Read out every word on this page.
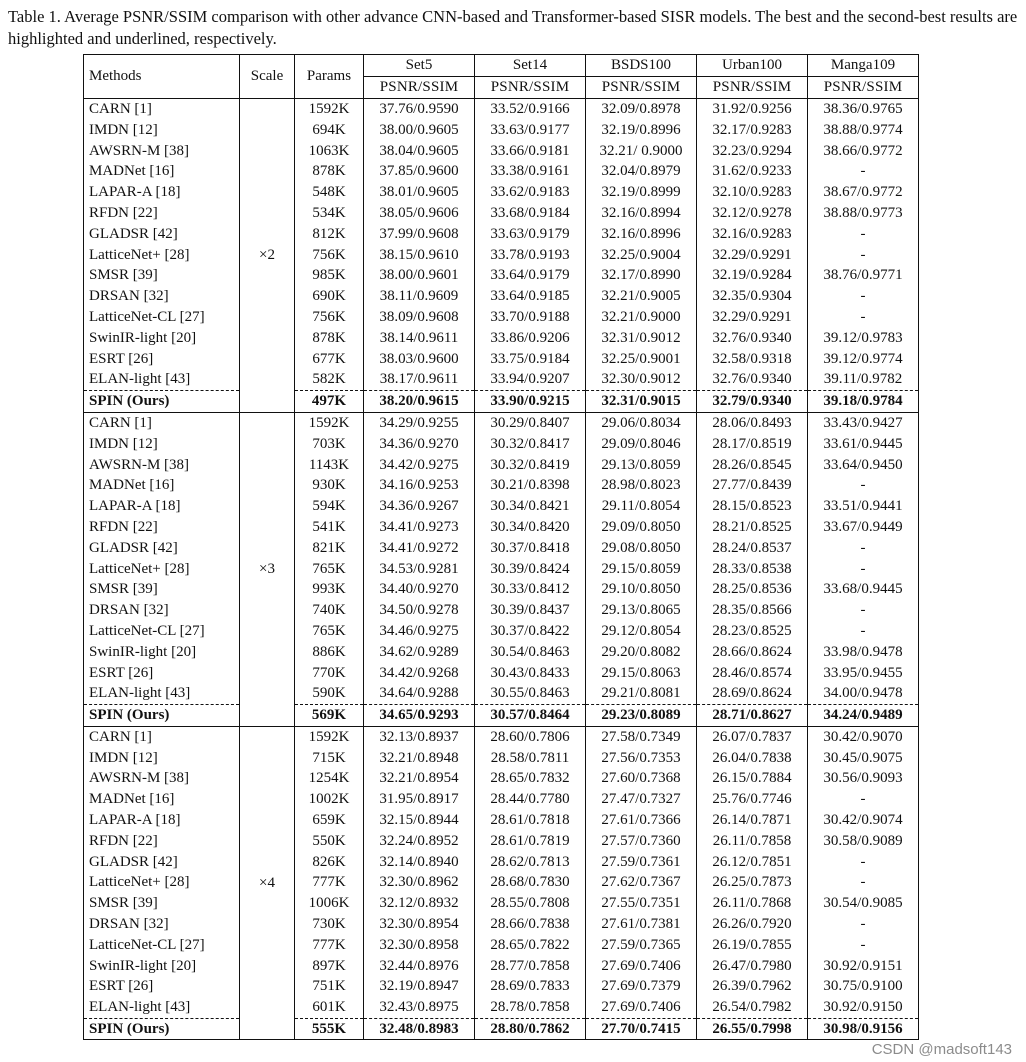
Table 1. Average PSNR/SSIM comparison with other advance CNN-based and Transformer-based SISR models. The best and the second-best results are highlighted and underlined, respectively.
Methods	Scale	Params	Set5	Set14	BSDS100	Urban100	Manga109
			PSNR/SSIM	PSNR/SSIM	PSNR/SSIM	PSNR/SSIM	PSNR/SSIM
CARN [1]	×2	1592K	37.76/0.9590	33.52/0.9166	32.09/0.8978	31.92/0.9256	38.36/0.9765
IMDN [12]		694K	38.00/0.9605	33.63/0.9177	32.19/0.8996	32.17/0.9283	38.88/0.9774
AWSRN-M [38]		1063K	38.04/0.9605	33.66/0.9181	32.21/ 0.9000	32.23/0.9294	38.66/0.9772
MADNet [16]		878K	37.85/0.9600	33.38/0.9161	32.04/0.8979	31.62/0.9233	-
LAPAR-A [18]		548K	38.01/0.9605	33.62/0.9183	32.19/0.8999	32.10/0.9283	38.67/0.9772
RFDN [22]		534K	38.05/0.9606	33.68/0.9184	32.16/0.8994	32.12/0.9278	38.88/0.9773
GLADSR [42]		812K	37.99/0.9608	33.63/0.9179	32.16/0.8996	32.16/0.9283	-
LatticeNet+ [28]		756K	38.15/0.9610	33.78/0.9193	32.25/0.9004	32.29/0.9291	-
SMSR [39]		985K	38.00/0.9601	33.64/0.9179	32.17/0.8990	32.19/0.9284	38.76/0.9771
DRSAN [32]		690K	38.11/0.9609	33.64/0.9185	32.21/0.9005	32.35/0.9304	-
LatticeNet-CL [27]		756K	38.09/0.9608	33.70/0.9188	32.21/0.9000	32.29/0.9291	-
SwinIR-light [20]		878K	38.14/0.9611	33.86/0.9206	32.31/0.9012	32.76/0.9340	39.12/0.9783
ESRT [26]		677K	38.03/0.9600	33.75/0.9184	32.25/0.9001	32.58/0.9318	39.12/0.9774
ELAN-light [43]		582K	38.17/0.9611	33.94/0.9207	32.30/0.9012	32.76/0.9340	39.11/0.9782
SPIN (Ours)		497K	38.20/0.9615	33.90/0.9215	32.31/0.9015	32.79/0.9340	39.18/0.9784
CARN [1]	×3	1592K	34.29/0.9255	30.29/0.8407	29.06/0.8034	28.06/0.8493	33.43/0.9427
IMDN [12]		703K	34.36/0.9270	30.32/0.8417	29.09/0.8046	28.17/0.8519	33.61/0.9445
AWSRN-M [38]		1143K	34.42/0.9275	30.32/0.8419	29.13/0.8059	28.26/0.8545	33.64/0.9450
MADNet [16]		930K	34.16/0.9253	30.21/0.8398	28.98/0.8023	27.77/0.8439	-
LAPAR-A [18]		594K	34.36/0.9267	30.34/0.8421	29.11/0.8054	28.15/0.8523	33.51/0.9441
RFDN [22]		541K	34.41/0.9273	30.34/0.8420	29.09/0.8050	28.21/0.8525	33.67/0.9449
GLADSR [42]		821K	34.41/0.9272	30.37/0.8418	29.08/0.8050	28.24/0.8537	-
LatticeNet+ [28]		765K	34.53/0.9281	30.39/0.8424	29.15/0.8059	28.33/0.8538	-
SMSR [39]		993K	34.40/0.9270	30.33/0.8412	29.10/0.8050	28.25/0.8536	33.68/0.9445
DRSAN [32]		740K	34.50/0.9278	30.39/0.8437	29.13/0.8065	28.35/0.8566	-
LatticeNet-CL [27]		765K	34.46/0.9275	30.37/0.8422	29.12/0.8054	28.23/0.8525	-
SwinIR-light [20]		886K	34.62/0.9289	30.54/0.8463	29.20/0.8082	28.66/0.8624	33.98/0.9478
ESRT [26]		770K	34.42/0.9268	30.43/0.8433	29.15/0.8063	28.46/0.8574	33.95/0.9455
ELAN-light [43]		590K	34.64/0.9288	30.55/0.8463	29.21/0.8081	28.69/0.8624	34.00/0.9478
SPIN (Ours)		569K	34.65/0.9293	30.57/0.8464	29.23/0.8089	28.71/0.8627	34.24/0.9489
CARN [1]	×4	1592K	32.13/0.8937	28.60/0.7806	27.58/0.7349	26.07/0.7837	30.42/0.9070
IMDN [12]		715K	32.21/0.8948	28.58/0.7811	27.56/0.7353	26.04/0.7838	30.45/0.9075
AWSRN-M [38]		1254K	32.21/0.8954	28.65/0.7832	27.60/0.7368	26.15/0.7884	30.56/0.9093
MADNet [16]		1002K	31.95/0.8917	28.44/0.7780	27.47/0.7327	25.76/0.7746	-
LAPAR-A [18]		659K	32.15/0.8944	28.61/0.7818	27.61/0.7366	26.14/0.7871	30.42/0.9074
RFDN [22]		550K	32.24/0.8952	28.61/0.7819	27.57/0.7360	26.11/0.7858	30.58/0.9089
GLADSR [42]		826K	32.14/0.8940	28.62/0.7813	27.59/0.7361	26.12/0.7851	-
LatticeNet+ [28]		777K	32.30/0.8962	28.68/0.7830	27.62/0.7367	26.25/0.7873	-
SMSR [39]		1006K	32.12/0.8932	28.55/0.7808	27.55/0.7351	26.11/0.7868	30.54/0.9085
DRSAN [32]		730K	32.30/0.8954	28.66/0.7838	27.61/0.7381	26.26/0.7920	-
LatticeNet-CL [27]		777K	32.30/0.8958	28.65/0.7822	27.59/0.7365	26.19/0.7855	-
SwinIR-light [20]		897K	32.44/0.8976	28.77/0.7858	27.69/0.7406	26.47/0.7980	30.92/0.9151
ESRT [26]		751K	32.19/0.8947	28.69/0.7833	27.69/0.7379	26.39/0.7962	30.75/0.9100
ELAN-light [43]		601K	32.43/0.8975	28.78/0.7858	27.69/0.7406	26.54/0.7982	30.92/0.9150
SPIN (Ours)		555K	32.48/0.8983	28.80/0.7862	27.70/0.7415	26.55/0.7998	30.98/0.9156
CSDN @madsoft143
